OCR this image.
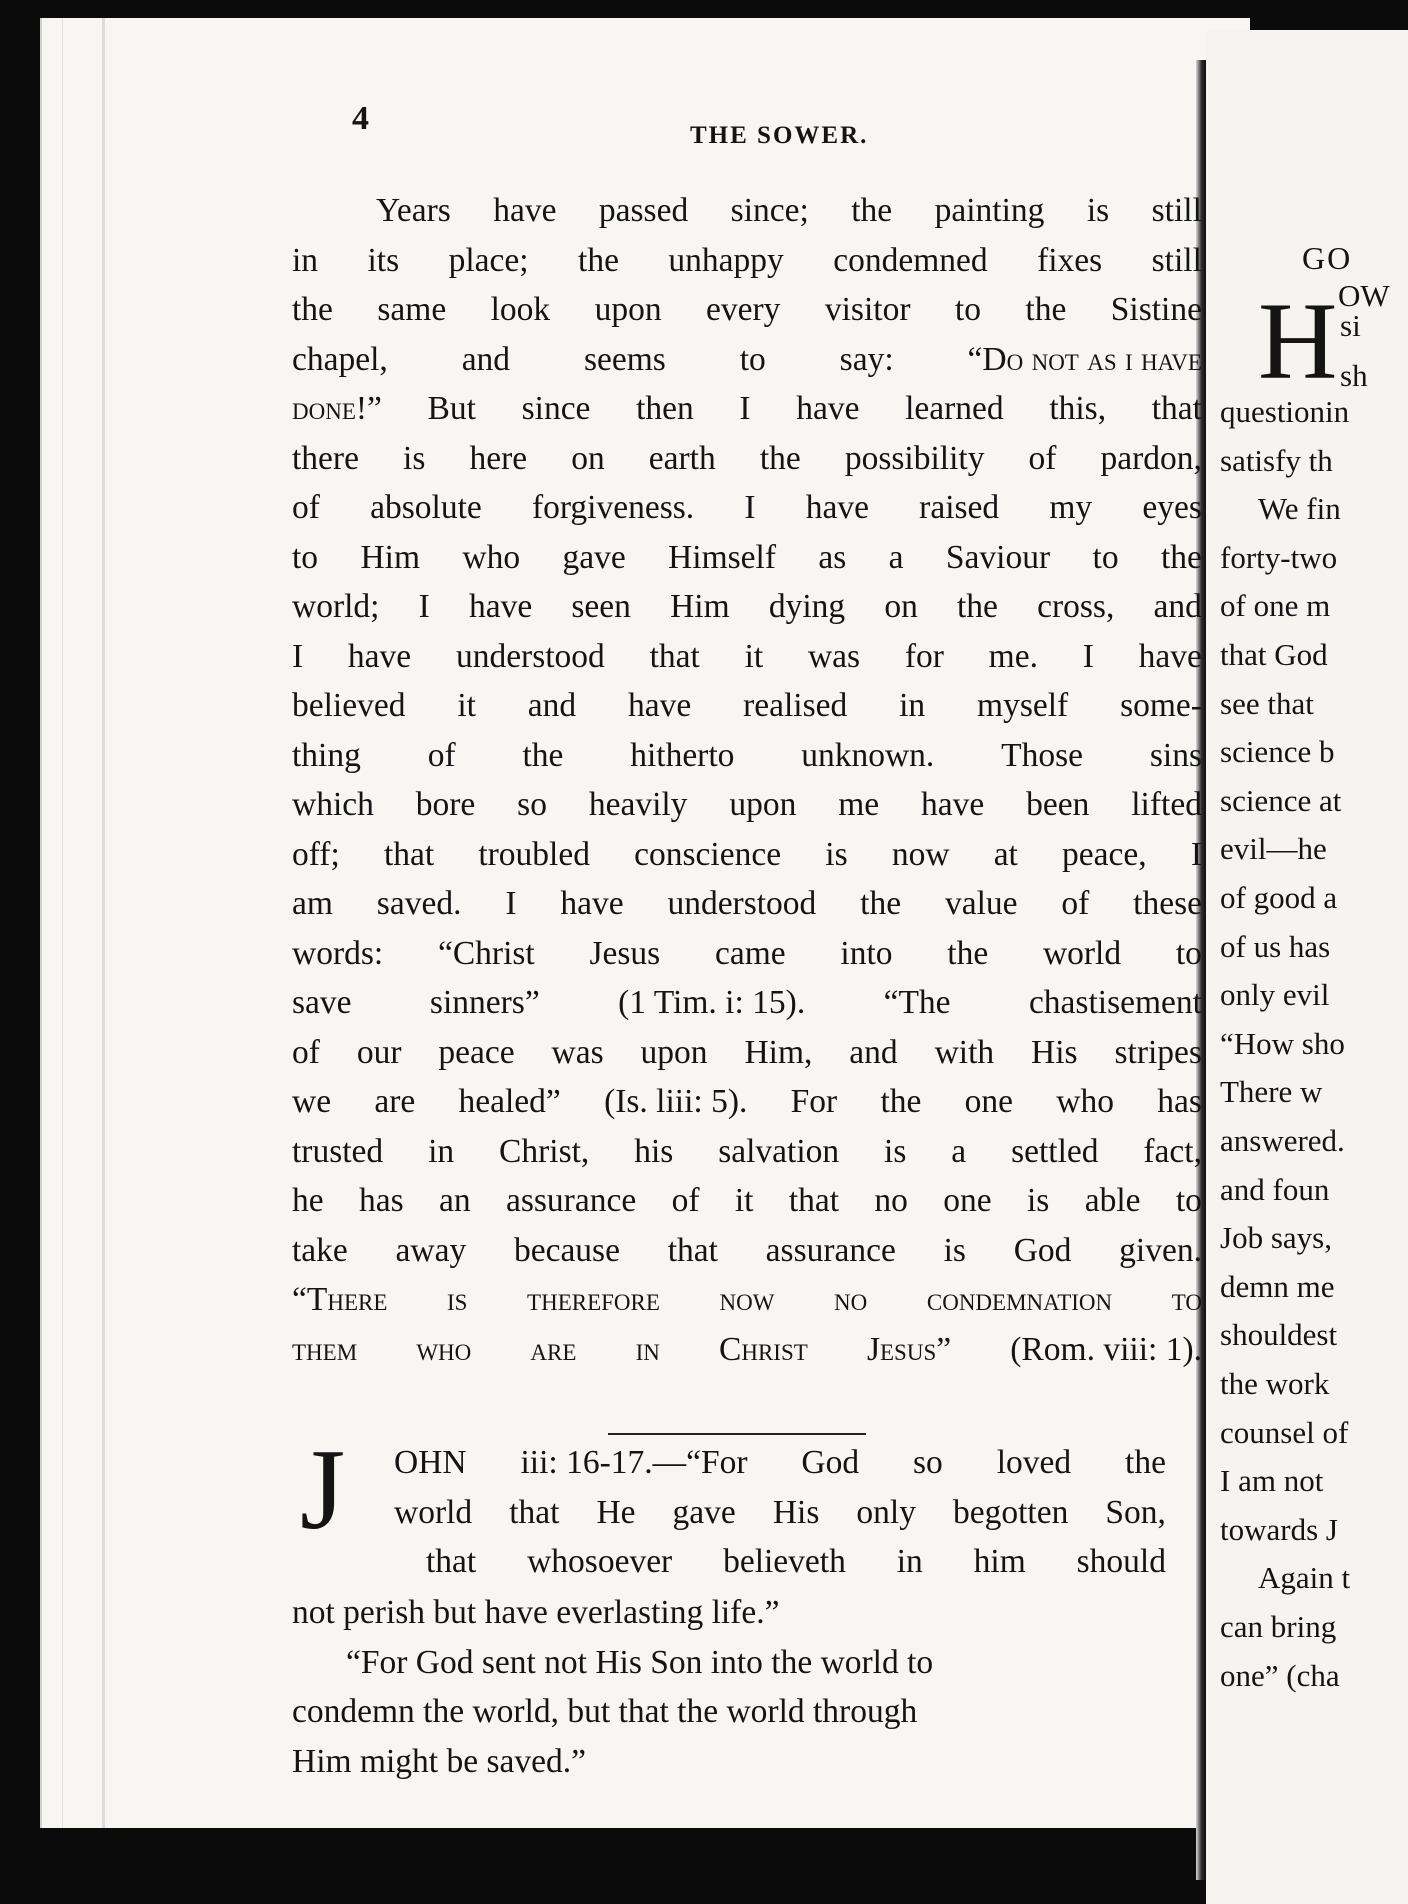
4	THE SOWER.
Years have passed since; the painting is still
in its place; the unhappy condemned fixes still
the same look upon every visitor to the Sistine
chapel, and seems to say: “Do not as i have
done!” But since then I have learned this, that
there is here on earth the possibility of pardon,
of absolute forgiveness. I have raised my eyes
to Him who gave Himself as a Saviour to the
world; I have seen Him dying on the cross, and
I have understood that it was for me. I have
believed it and have realised in myself some-
thing of the hitherto unknown. Those sins
which bore so heavily upon me have been lifted
off; that troubled conscience is now at peace, I
am saved. I have understood the value of these
words: “Christ Jesus came into the world to
save sinners” (1 Tim. i: 15). “The chastisement
of our peace was upon Him, and with His stripes
we are healed” (Is. liii: 5). For the one who has
trusted in Christ, his salvation is a settled fact,
he has an assurance of it that no one is able to
take away because that assurance is God given.
“There is therefore now no condemnation to
them who are in Christ Jesus” (Rom. viii: 1).
J OHN iii: 16-17.—“For God so loved the
world that He gave His only begotten Son,
that whosoever believeth in him should
not perish but have everlasting life.”
“For God sent not His Son into the world to
condemn the world, but that the world through
Him might be saved.”
GO
H OW
si
sh
questionin
satisfy th
We fin
forty-two
of one m
that God
see that
science b
science at
evil—he
of good a
of us has
only evil
“How sho
There w
answered.
and foun
Job says,
demn me
shouldest
the work
counsel of
I am not
towards J
Again t
can bring
one” (cha
